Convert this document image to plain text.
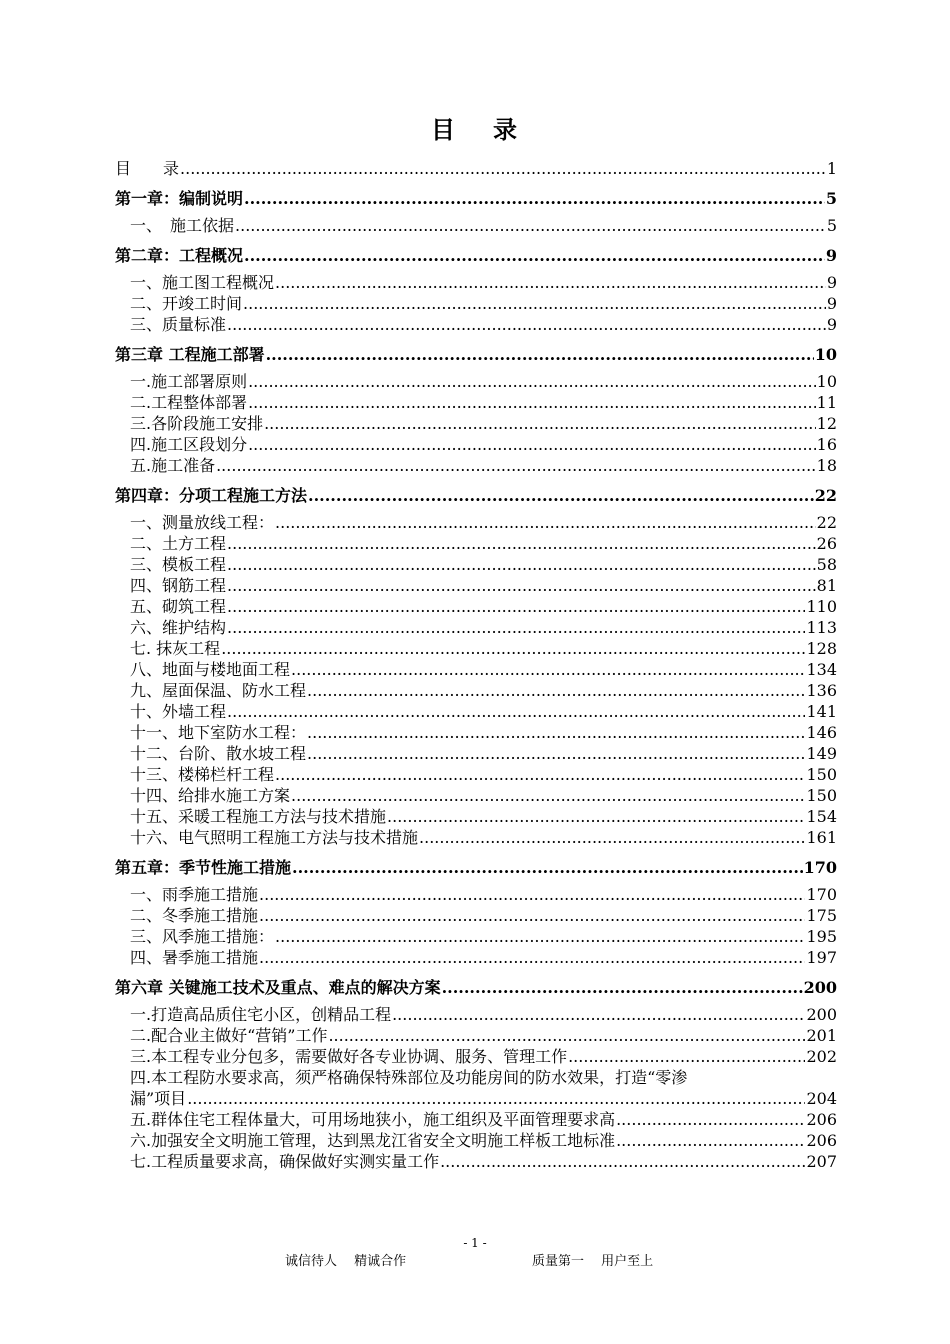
目 录
目　　录 .....	1
第一章：编制说明 .....	5
一、　施工依据 .....	5
第二章：工程概况 .....	9
一、施工图工程概况 .....	9
二、开竣工时间 .....	9
三、质量标准 .....	9
第三章 工程施工部署 .....	10
一.施工部署原则 .....	10
二.工程整体部署 .....	11
三.各阶段施工安排 .....	12
四.施工区段划分 .....	16
五.施工准备 .....	18
第四章：分项工程施工方法 .....	22
一、测量放线工程： .....	22
二、土方工程 .....	26
三、模板工程 .....	58
四、钢筋工程 .....	81
五、砌筑工程 .....	110
六、维护结构 .....	113
七. 抹灰工程 .....	128
八、地面与楼地面工程 .....	134
九、屋面保温、防水工程 .....	136
十、外墙工程 .....	141
十一、地下室防水工程： .....	146
十二、台阶、散水坡工程 .....	149
十三、楼梯栏杆工程 .....	150
十四、给排水施工方案 .....	150
十五、采暖工程施工方法与技术措施 .....	154
十六、电气照明工程施工方法与技术措施 .....	161
第五章：季节性施工措施 .....	170
一、雨季施工措施 .....	170
二、冬季施工措施 .....	175
三、风季施工措施： .....	195
四、暑季施工措施 .....	197
第六章 关键施工技术及重点、难点的解决方案 .....	200
一.打造高品质住宅小区，创精品工程 .....	200
二.配合业主做好“营销”工作 .....	201
三.本工程专业分包多，需要做好各专业协调、服务、管理工作 .....	202
四.本工程防水要求高，须严格确保特殊部位及功能房间的防水效果，打造“零渗
漏”项目 .....	204
五.群体住宅工程体量大，可用场地狭小，施工组织及平面管理要求高 .....	206
六.加强安全文明施工管理，达到黑龙江省安全文明施工样板工地标准 .....	206
七.工程质量要求高，确保做好实测实量工作 .....	207
- 1 -
诚信待人　 精诚合作	质量第一　 用户至上
